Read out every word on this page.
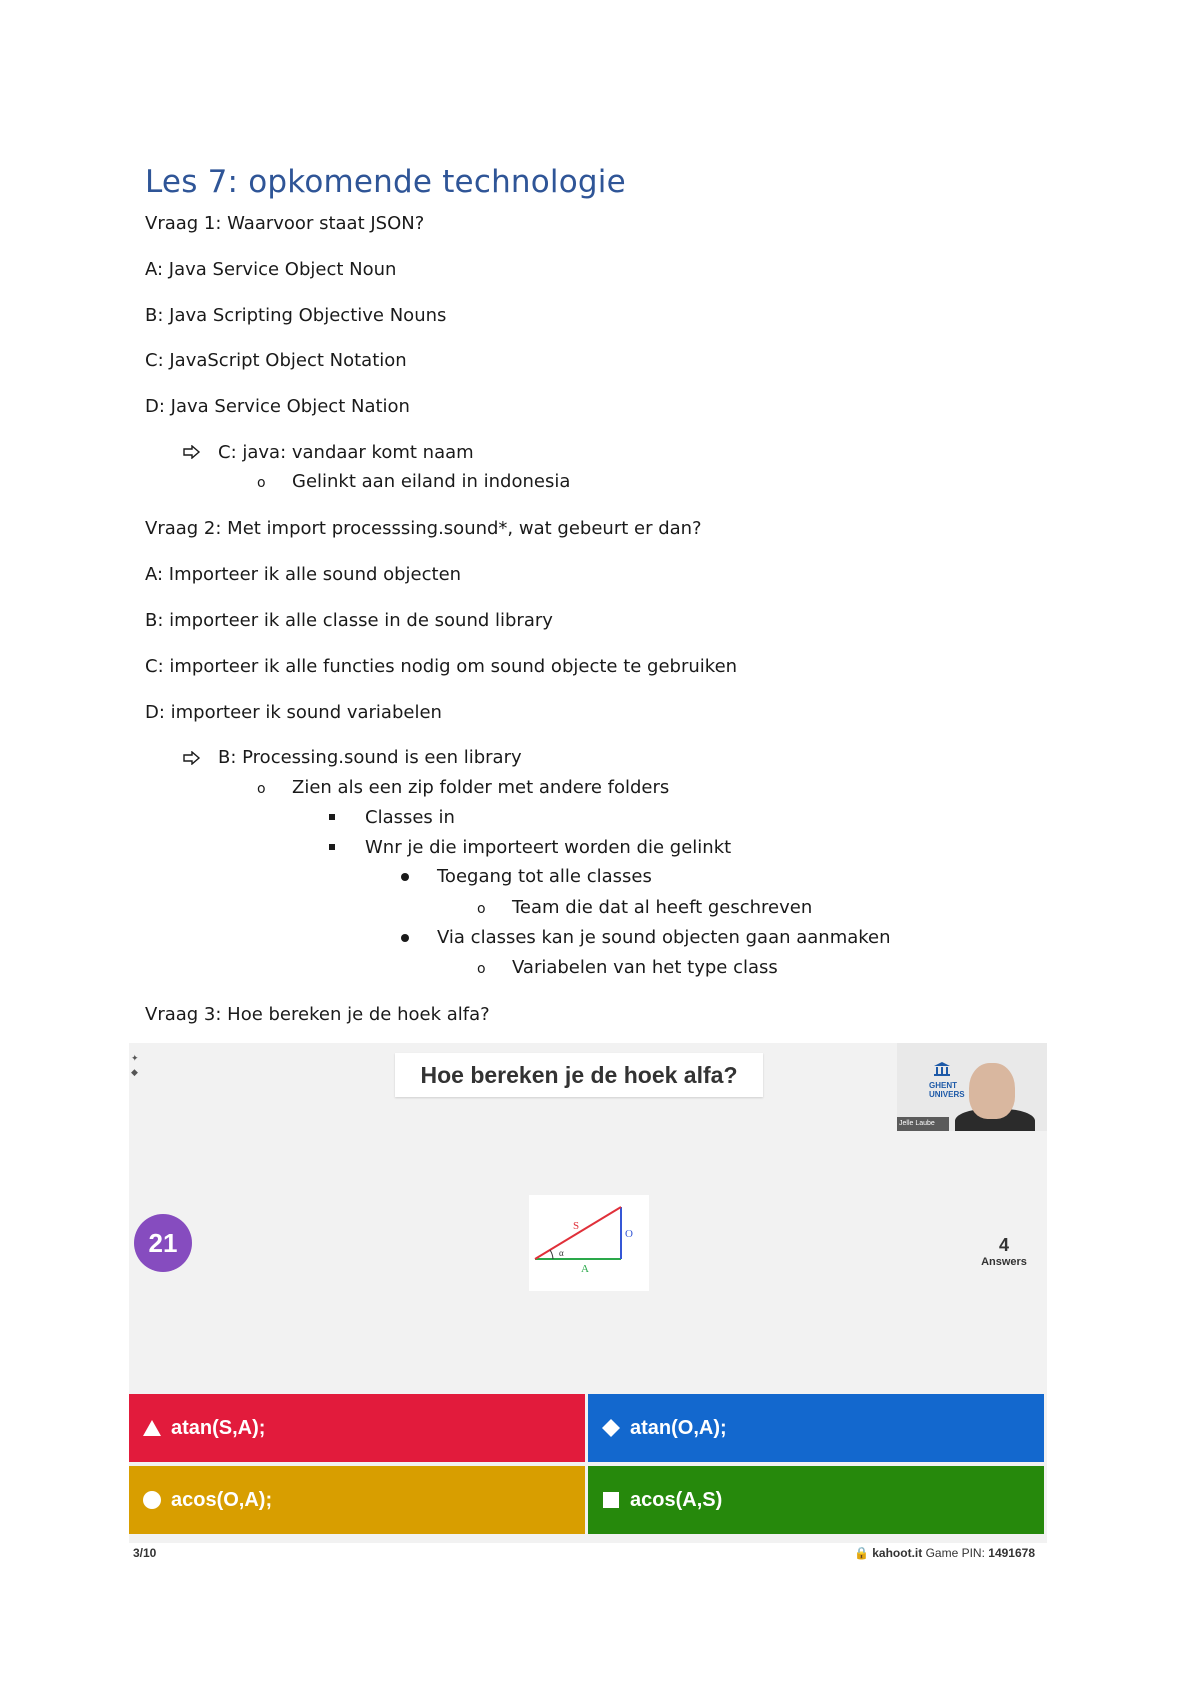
Les 7: opkomende technologie
Vraag 1: Waarvoor staat JSON?
A: Java Service Object Noun
B: Java Scripting Objective Nouns
C: JavaScript Object Notation
D: Java Service Object Nation
C: java: vandaar komt naam
o Gelinkt aan eiland in indonesia
Vraag 2: Met import processsing.sound*, wat gebeurt er dan?
A: Importeer ik alle sound objecten
B: importeer ik alle classe in de sound library
C: importeer ik alle functies nodig om sound objecte te gebruiken
D: importeer ik sound variabelen
B: Processing.sound is een library
o Zien als een zip folder met andere folders
Classes in
Wnr je die importeert worden die gelinkt
Toegang tot alle classes
o Team die dat al heeft geschreven
Via classes kan je sound objecten gaan aanmaken
o Variabelen van het type class
Vraag 3: Hoe bereken je de hoek alfa?
✦
◆	Hoe bereken je de hoek alfa?	GHENT UNIVERS
Jelle Laube
21
S
O
A
α	4
Answers
atan(S,A);	atan(O,A);
acos(O,A);	acos(A,S)
3/10	🔒 kahoot.it Game PIN: 1491678
